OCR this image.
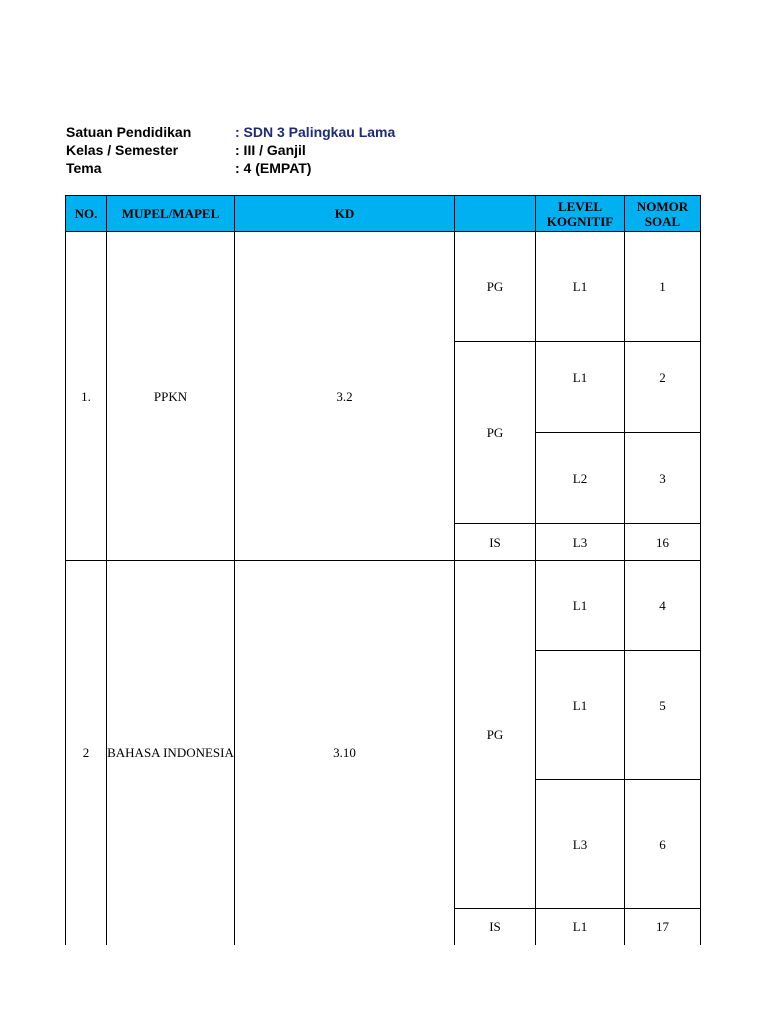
Satuan Pendidikan	: SDN 3 Palingkau Lama
Kelas / Semester	: III / Ganjil
Tema	: 4 (EMPAT)
NO.	MUPEL/MAPEL	KD		LEVEL KOGNITIF	NOMOR SOAL
1.	PPKN	3.2	PG	L1	1
			PG	L1	2
				L2	3
			IS	L3	16
2	BAHASA INDONESIA	3.10	PG	L1	4
				L1	5
				L3	6
			IS	L1	17
